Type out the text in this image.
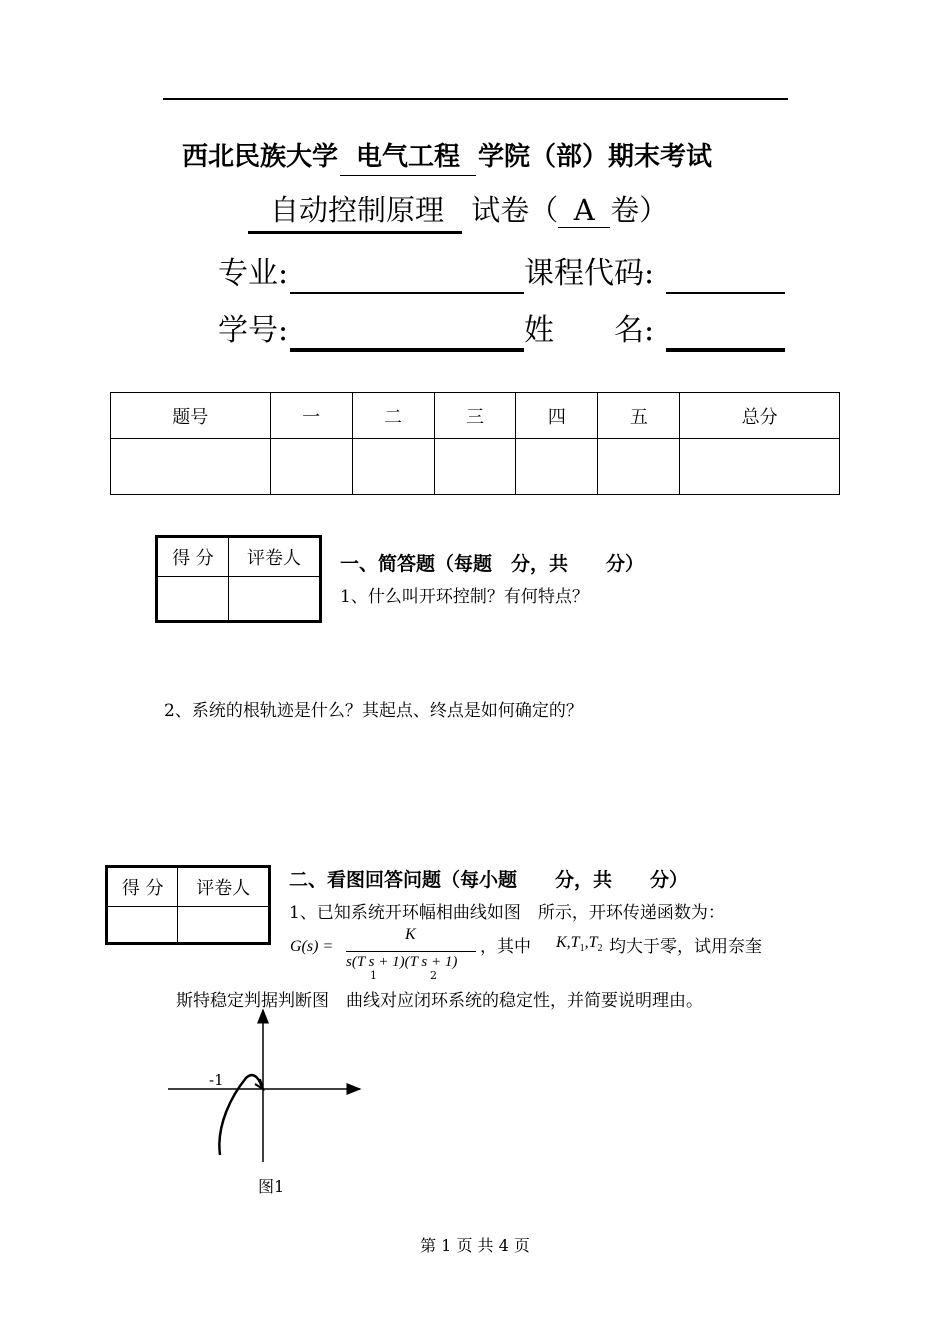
西北民族大学 电气工程 学院（部）期末考试
自动控制原理 试卷（ A 卷）
专业:	课程代码:
学号:	姓　　名:
题号	一	二	三	四	五	总分

得 分	评卷人
	一、简答题（每题　分，共　　分）
1、什么叫开环控制？有何特点？
2、系统的根轨迹是什么？其起点、终点是如何确定的？
得 分	评卷人
	二、看图回答问题（每小题　　分，共　　分）
1、已知系统开环幅相曲线如图　所示，开环传递函数为：
G(s) =
K
s(T s + 1)(T s + 1)
1	2
，其中 $K,T_1,T_2$ 均大于零，试用奈奎
斯特稳定判据判断图　曲线对应闭环系统的稳定性，并简要说明理由。
-1
图1
第 1 页 共 4 页
